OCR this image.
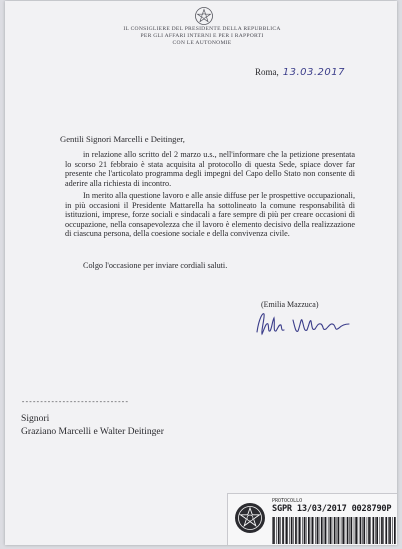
IL CONSIGLIERE DEL PRESIDENTE DELLA REPUBBLICA
PER GLI AFFARI INTERNI E PER I RAPPORTI
CON LE AUTONOMIE
Roma, 13.03.2017
Gentili Signori Marcelli e Deitinger,

in relazione allo scritto del 2 marzo u.s., nell'informare che la petizione presentata lo scorso 21 febbraio è stata acquisita al protocollo di questa Sede, spiace dover far presente che l'articolato programma degli impegni del Capo dello Stato non consente di aderire alla richiesta di incontro.

In merito alla questione lavoro e alle ansie diffuse per le prospettive occupazionali, in più occasioni il Presidente Mattarella ha sottolineato la comune responsabilità di istituzioni, imprese, forze sociali e sindacali a fare sempre di più per creare occasioni di occupazione, nella consapevolezza che il lavoro è elemento decisivo della realizzazione di ciascuna persona, della coesione sociale e della convivenza civile.

Colgo l'occasione per inviare cordiali saluti.

(Emilia Mazzuca)
-----------------------------
Signori
Graziano Marcelli e Walter Deitinger
PROTOCOLLO
SGPR 13/03/2017 0028790P
